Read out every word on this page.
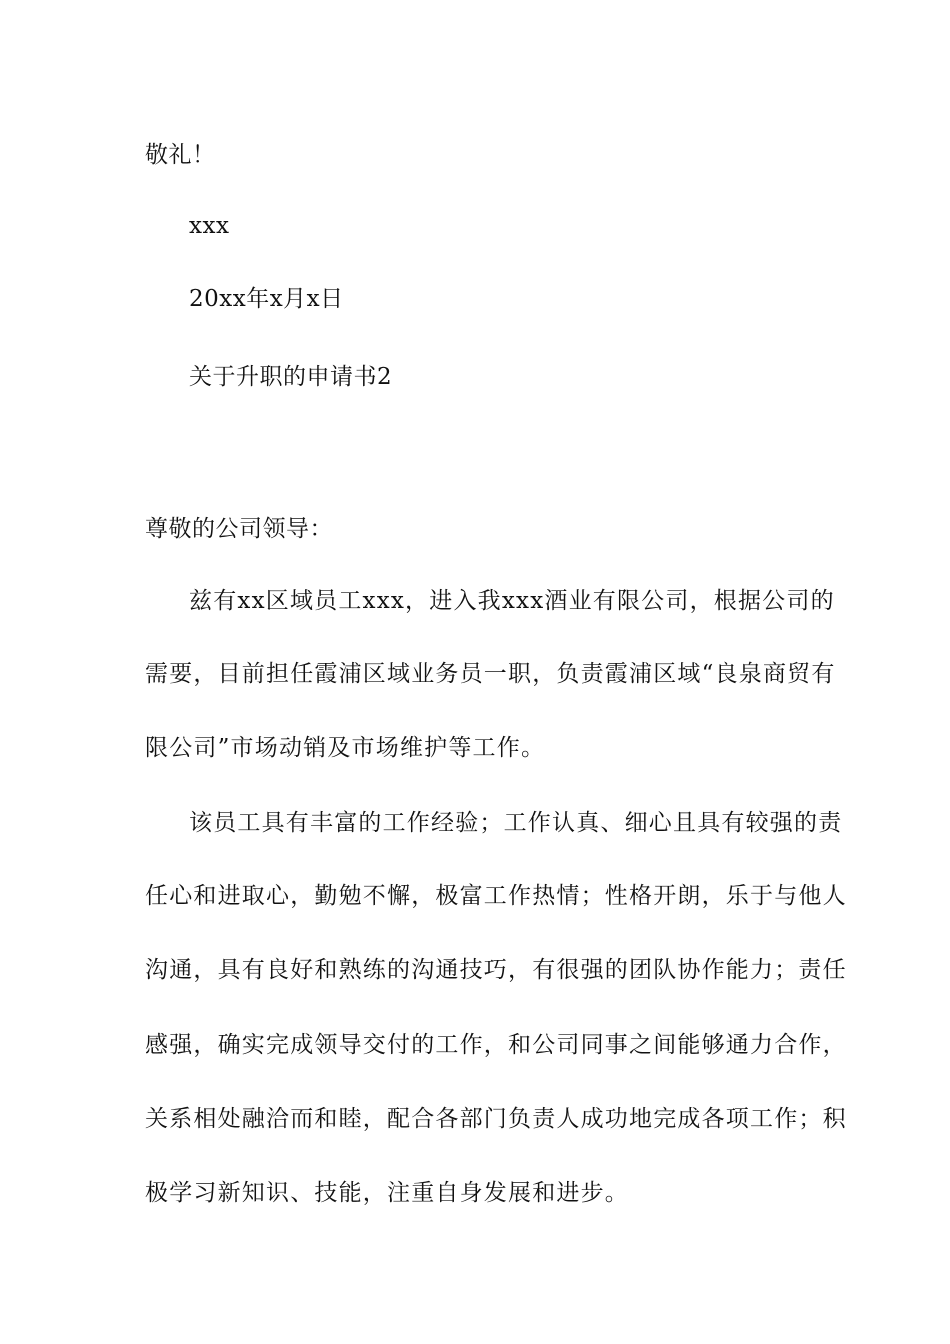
敬礼！

xxx

20xx年x月x日

关于升职的申请书2

尊敬的公司领导：

兹有xx区域员工xxx，进入我xxx酒业有限公司，根据公司的

需要，目前担任霞浦区域业务员一职，负责霞浦区域“良泉商贸有

限公司”市场动销及市场维护等工作。

该员工具有丰富的工作经验；工作认真、细心且具有较强的责

任心和进取心，勤勉不懈，极富工作热情；性格开朗，乐于与他人

沟通，具有良好和熟练的沟通技巧，有很强的团队协作能力；责任

感强，确实完成领导交付的工作，和公司同事之间能够通力合作，

关系相处融洽而和睦，配合各部门负责人成功地完成各项工作；积

极学习新知识、技能，注重自身发展和进步。
